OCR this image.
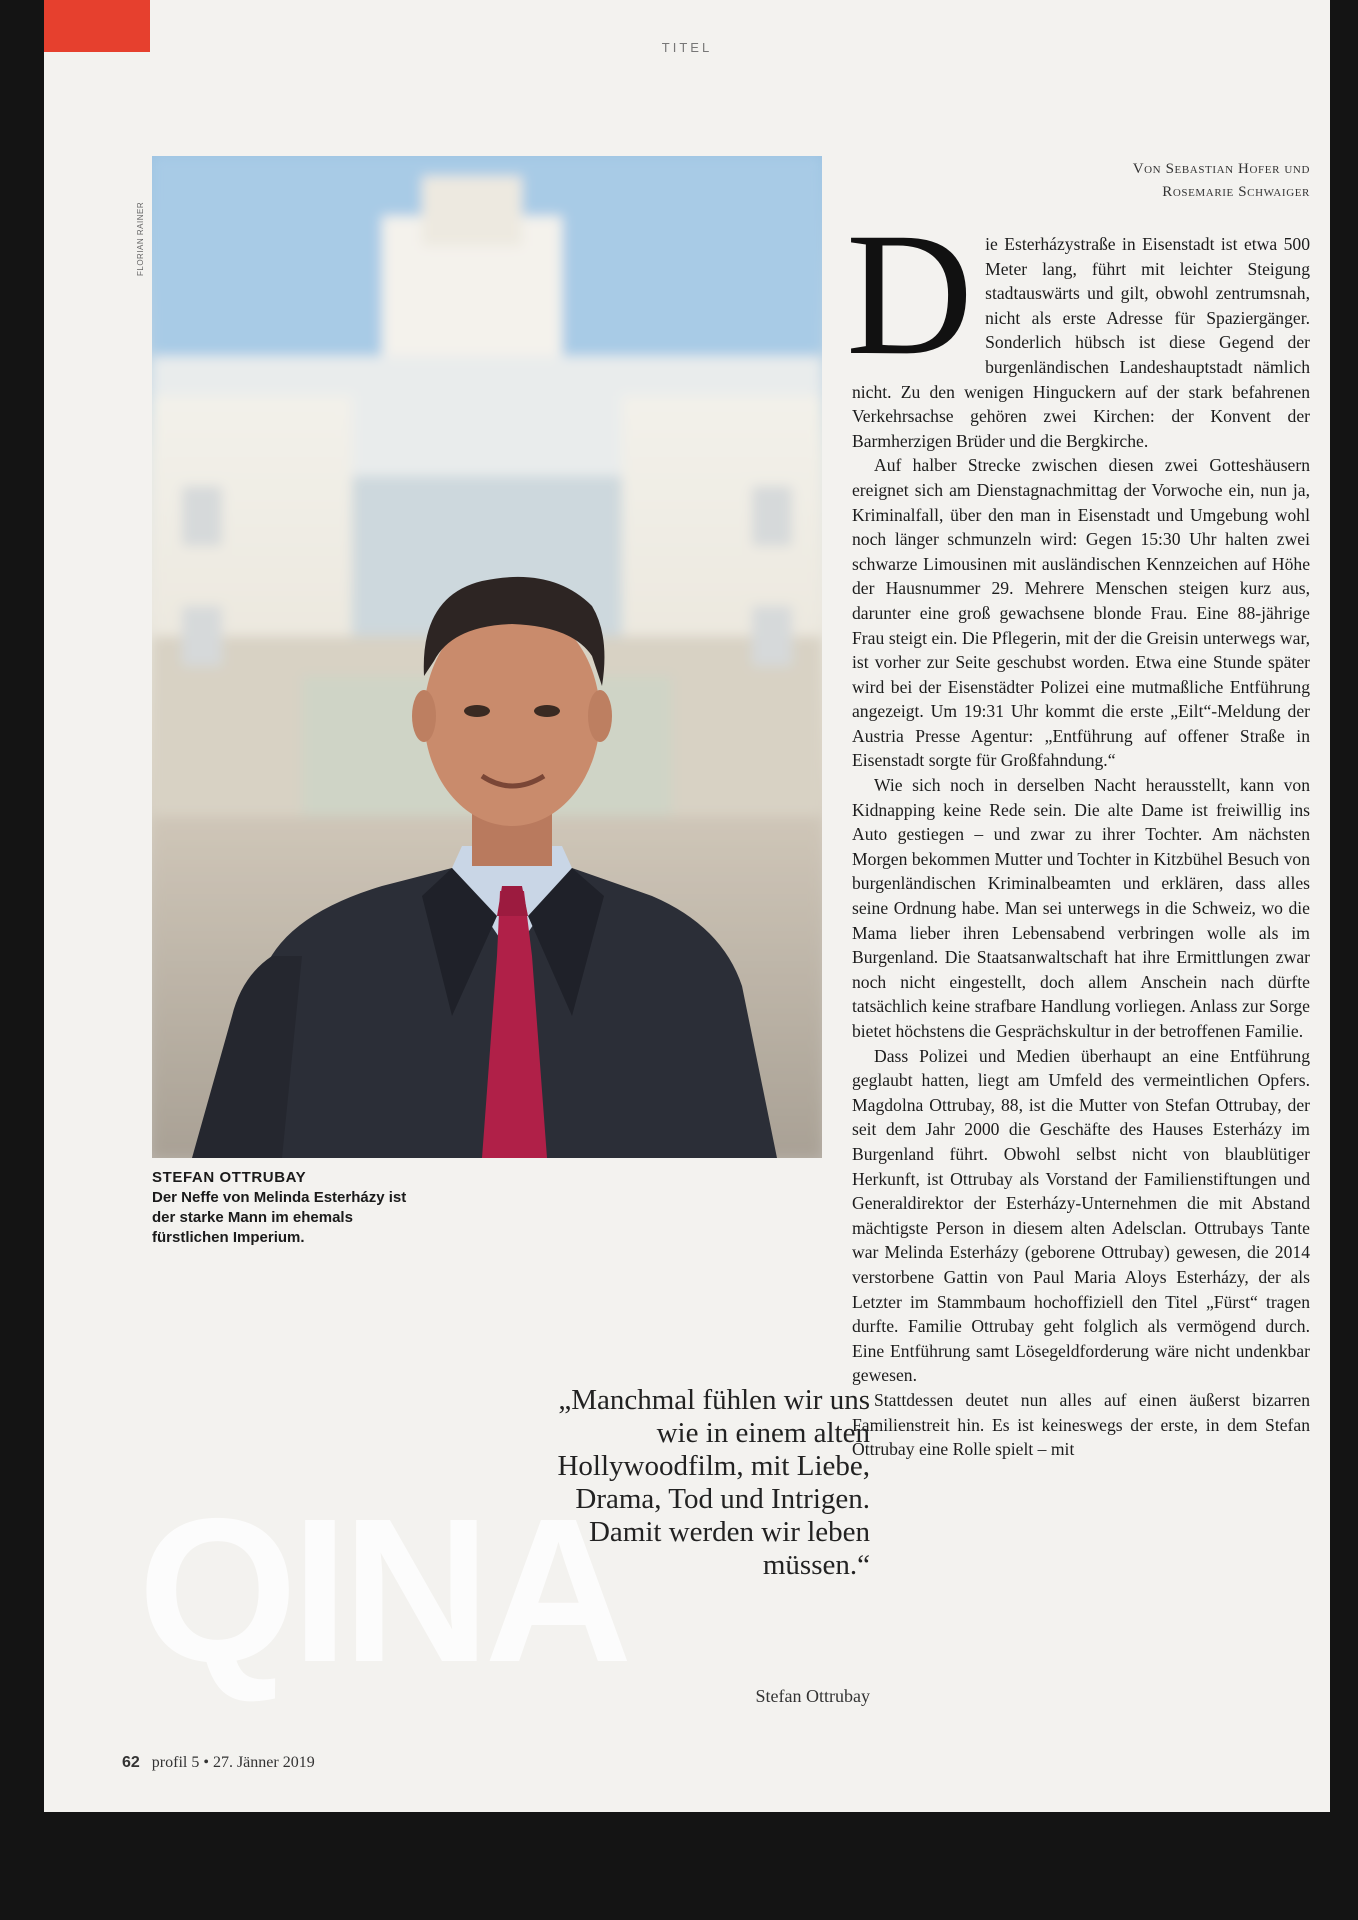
TITEL
FLORIAN RAINER
STEFAN OTTRUBAY
Der Neffe von Melinda Esterházy ist der starke Mann im ehemals fürstlichen Imperium.
Von Sebastian Hofer und
Rosemarie Schwaiger

Die Esterházystraße in Eisenstadt ist etwa 500 Meter lang, führt mit leichter Steigung stadtauswärts und gilt, obwohl zentrumsnah, nicht als erste Adresse für Spaziergänger. Sonderlich hübsch ist diese Gegend der burgenländischen Landeshauptstadt nämlich nicht. Zu den wenigen Hinguckern auf der stark befahrenen Verkehrsachse gehören zwei Kirchen: der Konvent der Barmherzigen Brüder und die Bergkirche.

Auf halber Strecke zwischen diesen zwei Gotteshäusern ereignet sich am Dienstagnachmittag der Vorwoche ein, nun ja, Kriminalfall, über den man in Eisenstadt und Umgebung wohl noch länger schmunzeln wird: Gegen 15:30 Uhr halten zwei schwarze Limousinen mit ausländischen Kennzeichen auf Höhe der Hausnummer 29. Mehrere Menschen steigen kurz aus, darunter eine groß gewachsene blonde Frau. Eine 88-jährige Frau steigt ein. Die Pflegerin, mit der die Greisin unterwegs war, ist vorher zur Seite geschubst worden. Etwa eine Stunde später wird bei der Eisenstädter Polizei eine mutmaßliche Entführung angezeigt. Um 19:31 Uhr kommt die erste „Eilt“-Meldung der Austria Presse Agentur: „Entführung auf offener Straße in Eisenstadt sorgte für Großfahndung.“

Wie sich noch in derselben Nacht herausstellt, kann von Kidnapping keine Rede sein. Die alte Dame ist freiwillig ins Auto gestiegen – und zwar zu ihrer Tochter. Am nächsten Morgen bekommen Mutter und Tochter in Kitzbühel Besuch von burgenländischen Kriminalbeamten und erklären, dass alles seine Ordnung habe. Man sei unterwegs in die Schweiz, wo die Mama lieber ihren Lebensabend verbringen wolle als im Burgenland. Die Staatsanwaltschaft hat ihre Ermittlungen zwar noch nicht eingestellt, doch allem Anschein nach dürfte tatsächlich keine strafbare Handlung vorliegen. Anlass zur Sorge bietet höchstens die Gesprächskultur in der betroffenen Familie.

Dass Polizei und Medien überhaupt an eine Entführung geglaubt hatten, liegt am Umfeld des vermeintlichen Opfers. Magdolna Ottrubay, 88, ist die Mutter von Stefan Ottrubay, der seit dem Jahr 2000 die Geschäfte des Hauses Esterházy im Burgenland führt. Obwohl selbst nicht von blaublütiger Herkunft, ist Ottrubay als Vorstand der Familienstiftungen und Generaldirektor der Esterházy-Unternehmen die mit Abstand mächtigste Person in diesem alten Adelsclan. Ottrubays Tante war Melinda Esterházy (geborene Ottrubay) gewesen, die 2014 verstorbene Gattin von Paul Maria Aloys Esterházy, der als Letzter im Stammbaum hochoffiziell den Titel „Fürst“ tragen durfte. Familie Ottrubay geht folglich als vermögend durch. Eine Entführung samt Lösegeldforderung wäre nicht undenkbar gewesen.

Stattdessen deutet nun alles auf einen äußerst bizarren Familienstreit hin. Es ist keineswegs der erste, in dem Stefan Ottrubay eine Rolle spielt – mit

QINA
„Manchmal fühlen wir uns wie in einem alten Hollywoodfilm, mit Liebe, Drama, Tod und Intrigen. Damit werden wir leben müssen.“
Stefan Ottrubay
62 profil 5 • 27. Jänner 2019
